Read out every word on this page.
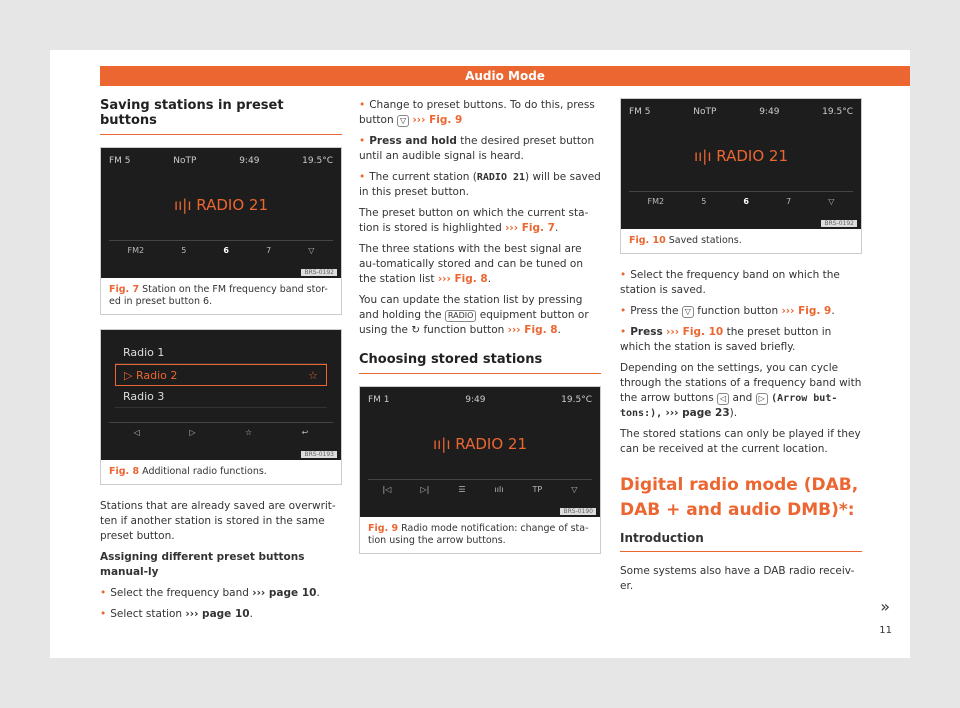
Audio Mode
Saving stations in preset buttons
FM 5	NoTP	9:49	19.5°C
ıı|ı RADIO 21
FM2	5	6	7	▽
BRS-0192
Fig. 7 Station on the FM frequency band stor-ed in preset button 6.
Radio 1
▷ Radio 2	☆
Radio 3
◁	▷	☆	↩
BRS-0193
Fig. 8 Additional radio functions.

Stations that are already saved are overwrit-ten if another station is stored in the same preset button.

Assigning different preset buttons manual-ly

• Select the frequency band ››› page 10.

• Select station ››› page 10.

• Change to preset buttons. To do this, press button ▽ ››› Fig. 9

• Press and hold the desired preset button until an audible signal is heard.

• The current station (RADIO 21) will be saved in this preset button.

The preset button on which the current sta-tion is stored is highlighted ››› Fig. 7.

The three stations with the best signal are au-tomatically stored and can be tuned on the station list ››› Fig. 8.

You can update the station list by pressing and holding the RADIO equipment button or using the ↻ function button ››› Fig. 8.

Choosing stored stations
FM 1	9:49	19.5°C
ıı|ı RADIO 21
|◁	▷|	☰	ıılı	TP	▽
BRS-0190
Fig. 9 Radio mode notification: change of sta-tion using the arrow buttons.
FM 5	NoTP	9:49	19.5°C
ıı|ı RADIO 21
FM2	5	6	7	▽
BRS-0192
Fig. 10 Saved stations.

• Select the frequency band on which the station is saved.

• Press the ▽ function button ››› Fig. 9.

• Press ››› Fig. 10 the preset button in which the station is saved briefly.

Depending on the settings, you can cycle through the stations of a frequency band with the arrow buttons ◁ and ▷ (Arrow but-tons:), ››› page 23).

The stored stations can only be played if they can be received at the current location.

Digital radio mode (DAB, DAB + and audio DMB)*:
Introduction

Some systems also have a DAB radio receiv-er.

»
11
